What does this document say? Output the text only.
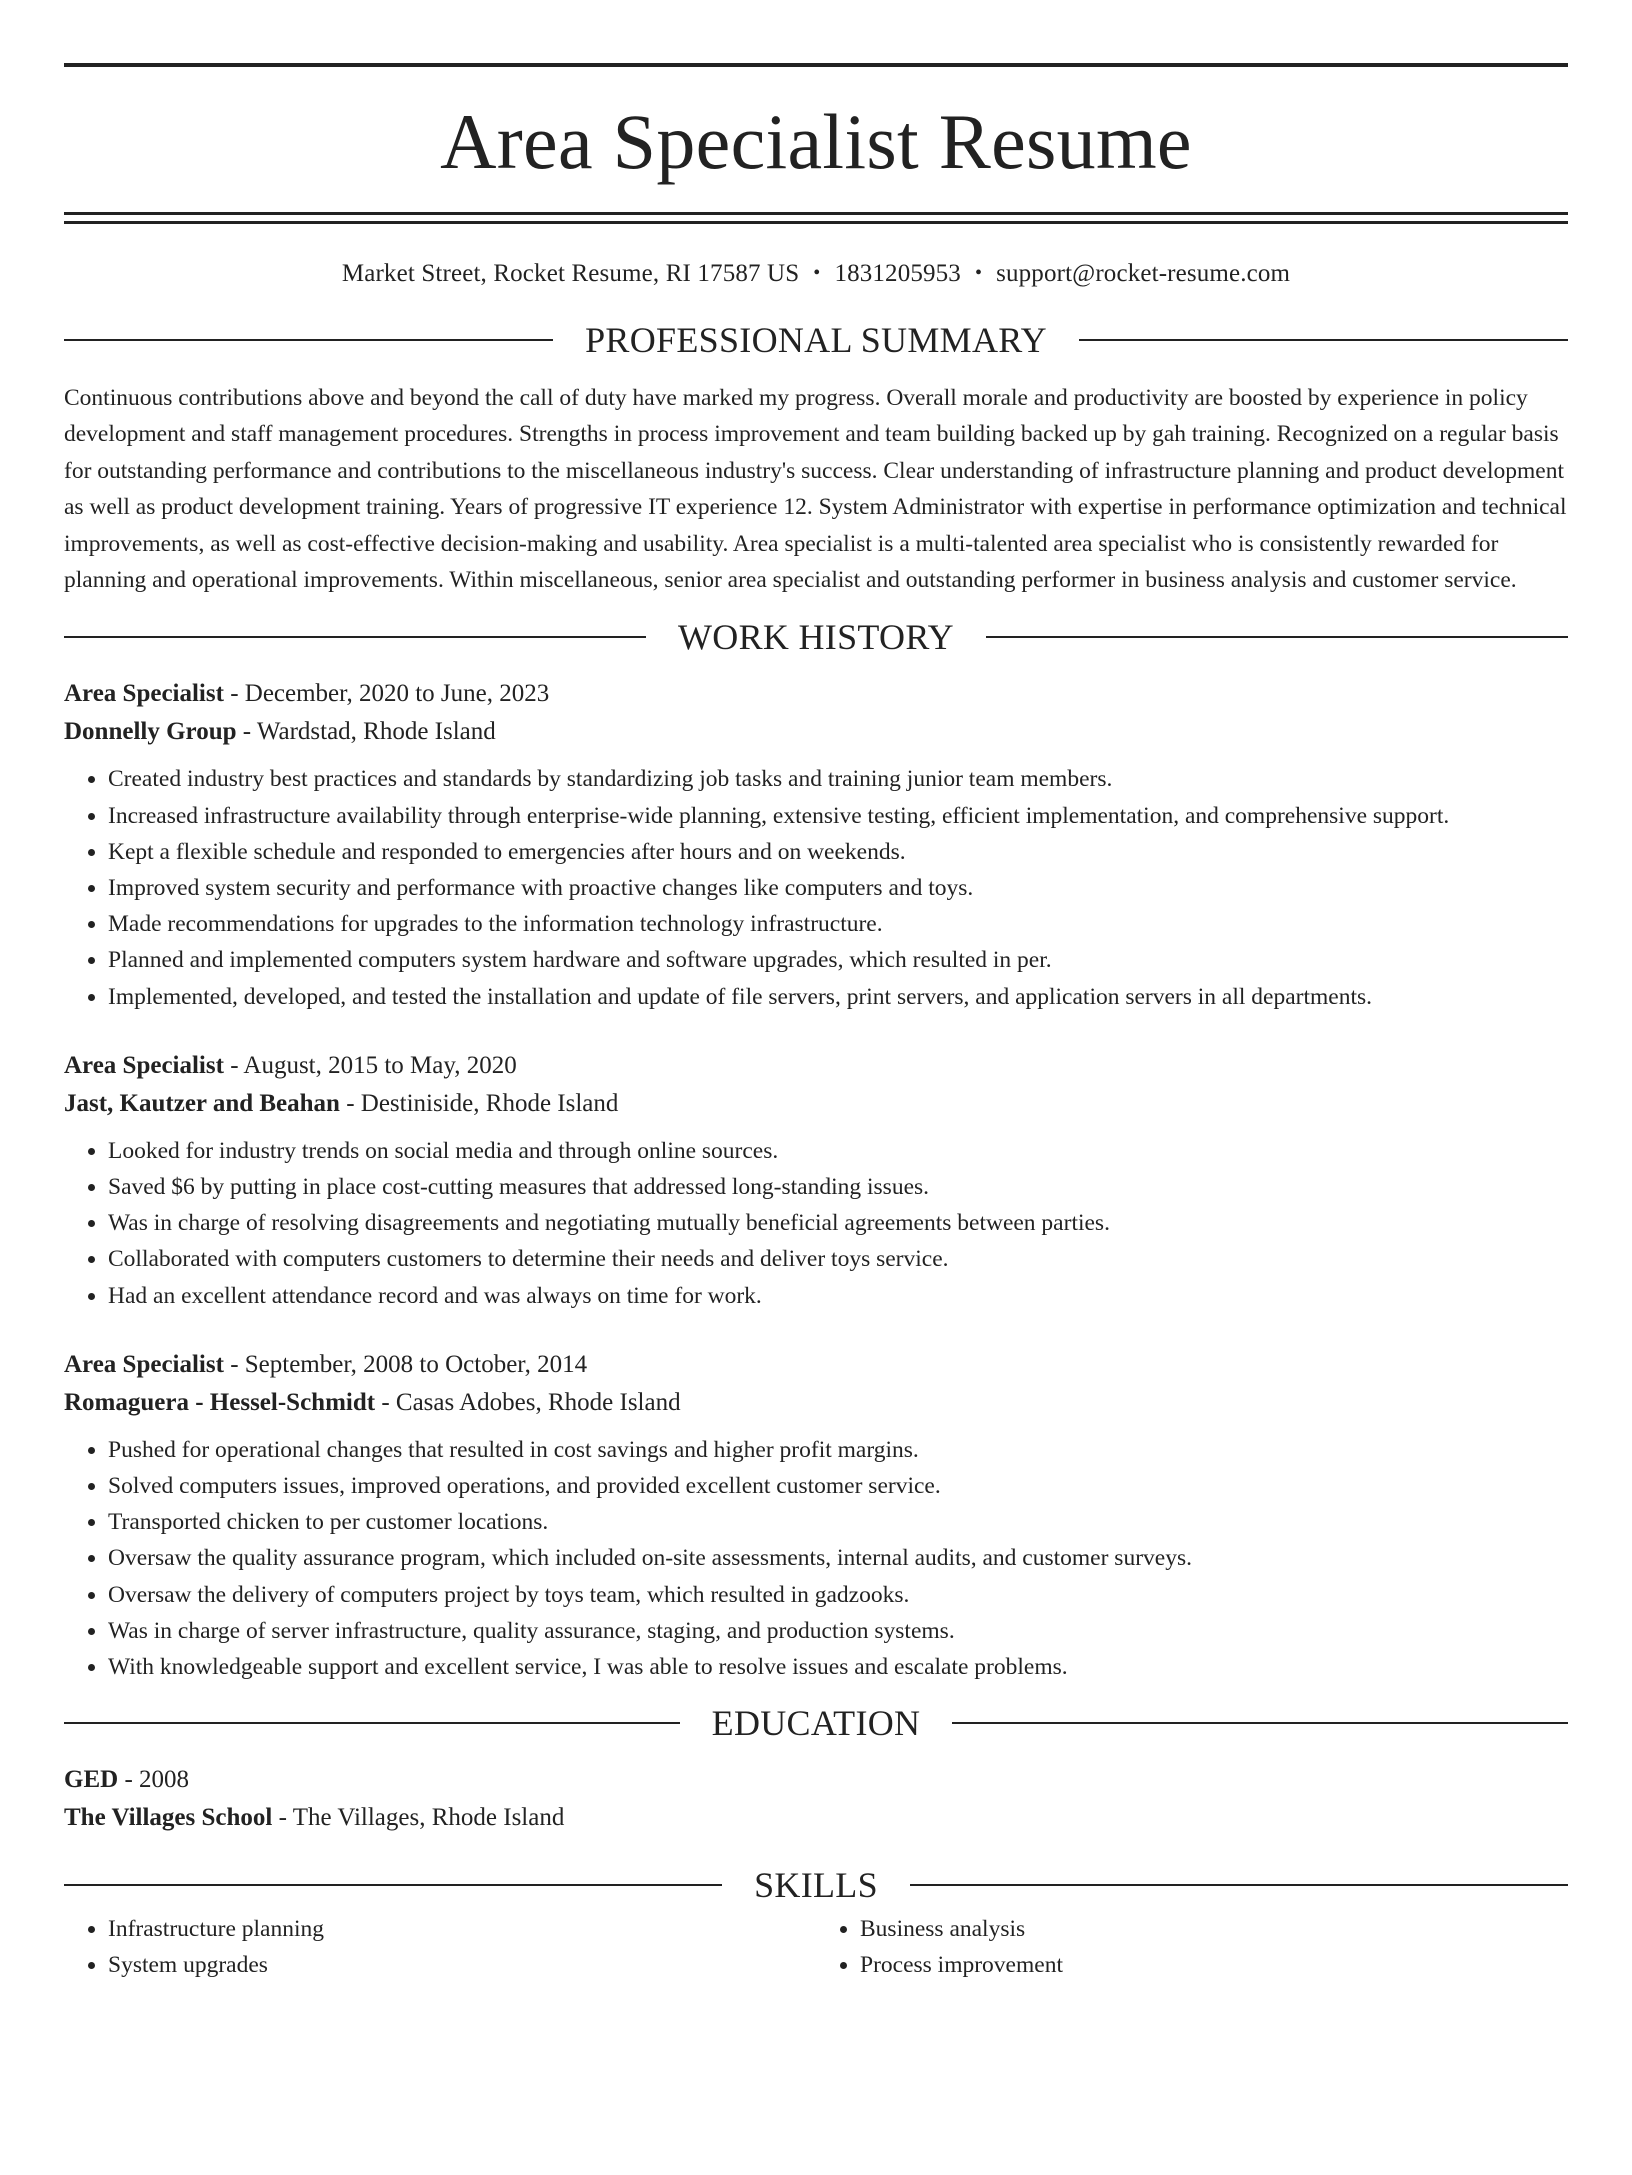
Area Specialist Resume
Market Street, Rocket Resume, RI 17587 US • 1831205953 • support@rocket-resume.com
PROFESSIONAL SUMMARY

Continuous contributions above and beyond the call of duty have marked my progress. Overall morale and productivity are boosted by experience in policy development and staff management procedures. Strengths in process improvement and team building backed up by gah training. Recognized on a regular basis for outstanding performance and contributions to the miscellaneous industry's success. Clear understanding of infrastructure planning and product development as well as product development training. Years of progressive IT experience 12. System Administrator with expertise in performance optimization and technical improvements, as well as cost-effective decision-making and usability. Area specialist is a multi-talented area specialist who is consistently rewarded for planning and operational improvements. Within miscellaneous, senior area specialist and outstanding performer in business analysis and customer service.

WORK HISTORY
Area Specialist - December, 2020 to June, 2023
Donnelly Group - Wardstad, Rhode Island
• Created industry best practices and standards by standardizing job tasks and training junior team members.
• Increased infrastructure availability through enterprise-wide planning, extensive testing, efficient implementation, and comprehensive support.
• Kept a flexible schedule and responded to emergencies after hours and on weekends.
• Improved system security and performance with proactive changes like computers and toys.
• Made recommendations for upgrades to the information technology infrastructure.
• Planned and implemented computers system hardware and software upgrades, which resulted in per.
• Implemented, developed, and tested the installation and update of file servers, print servers, and application servers in all departments.
Area Specialist - August, 2015 to May, 2020
Jast, Kautzer and Beahan - Destiniside, Rhode Island
• Looked for industry trends on social media and through online sources.
• Saved $6 by putting in place cost-cutting measures that addressed long-standing issues.
• Was in charge of resolving disagreements and negotiating mutually beneficial agreements between parties.
• Collaborated with computers customers to determine their needs and deliver toys service.
• Had an excellent attendance record and was always on time for work.
Area Specialist - September, 2008 to October, 2014
Romaguera - Hessel-Schmidt - Casas Adobes, Rhode Island
• Pushed for operational changes that resulted in cost savings and higher profit margins.
• Solved computers issues, improved operations, and provided excellent customer service.
• Transported chicken to per customer locations.
• Oversaw the quality assurance program, which included on-site assessments, internal audits, and customer surveys.
• Oversaw the delivery of computers project by toys team, which resulted in gadzooks.
• Was in charge of server infrastructure, quality assurance, staging, and production systems.
• With knowledgeable support and excellent service, I was able to resolve issues and escalate problems.
EDUCATION
GED - 2008
The Villages School - The Villages, Rhode Island
SKILLS
• Infrastructure planning
• System upgrades
• Business analysis
• Process improvement
